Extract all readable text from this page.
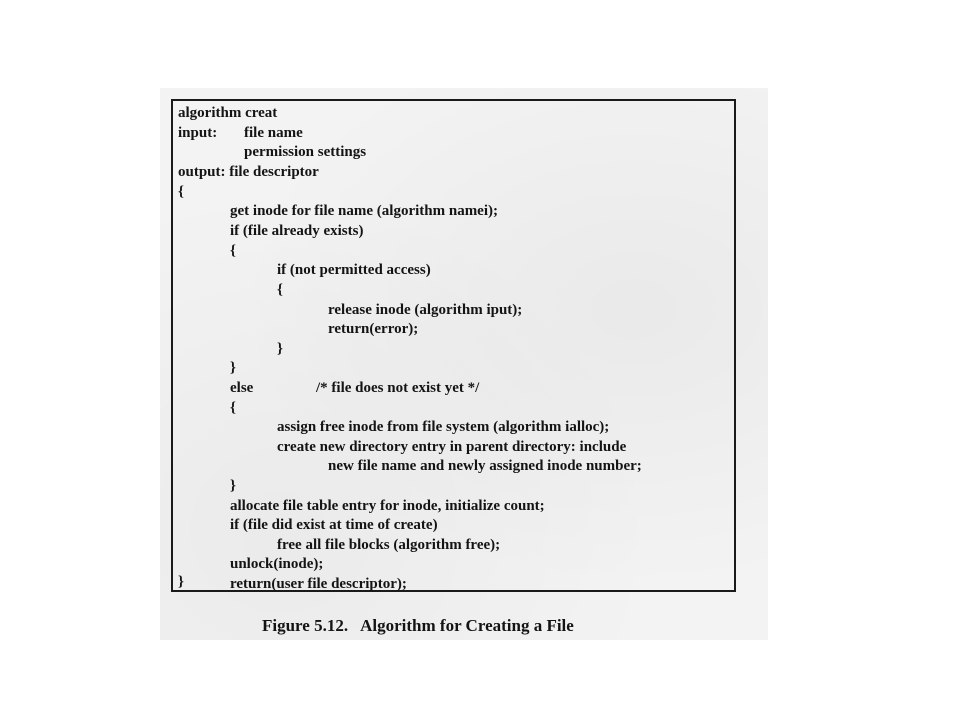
algorithm creat
input: file name
permission settings
output: file descriptor
{
get inode for file name (algorithm namei);
if (file already exists)
{
if (not permitted access)
{
release inode (algorithm iput);
return(error);
}
}
else	/* file does not exist yet */
{
assign free inode from file system (algorithm ialloc);
create new directory entry in parent directory: include
new file name and newly assigned inode number;
}
allocate file table entry for inode, initialize count;
if (file did exist at time of create)
free all file blocks (algorithm free);
unlock(inode);
return(user file descriptor);
}
Figure 5.12. Algorithm for Creating a File
